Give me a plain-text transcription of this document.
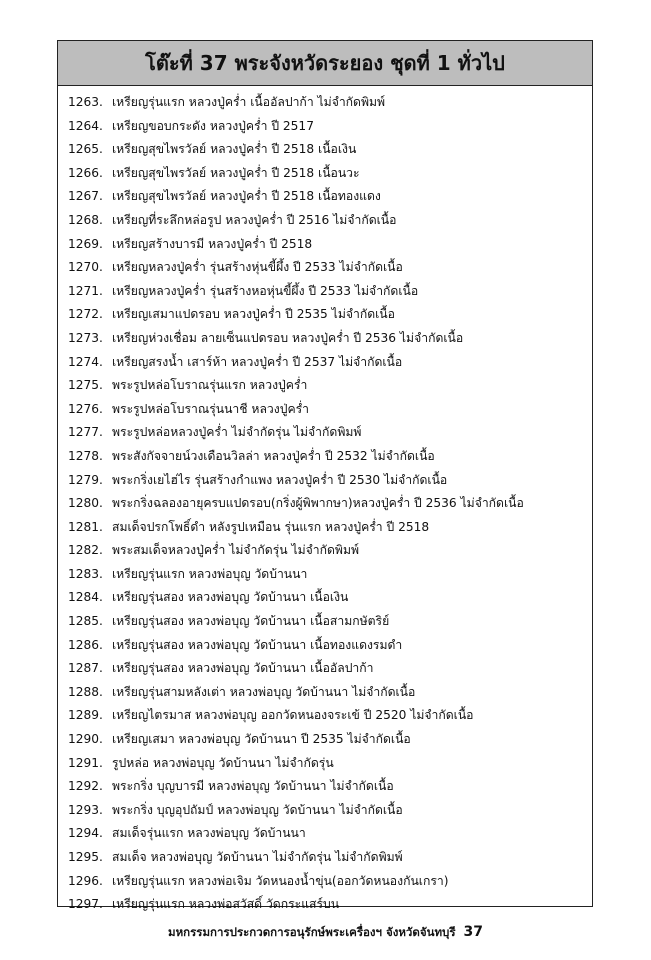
โต๊ะที่ 37 พระจังหวัดระยอง ชุดที่ 1 ทั่วไป
1263. เหรียญรุ่นแรก หลวงปู่คร่ำ เนื้ออัลปาก้า ไม่จำกัดพิมพ์
1264. เหรียญขอบกระดัง หลวงปู่คร่ำ ปี 2517
1265. เหรียญสุขไพรวัลย์ หลวงปู่คร่ำ ปี 2518 เนื้อเงิน
1266. เหรียญสุขไพรวัลย์ หลวงปู่คร่ำ ปี 2518 เนื้อนวะ
1267. เหรียญสุขไพรวัลย์ หลวงปู่คร่ำ ปี 2518 เนื้อทองแดง
1268. เหรียญที่ระลึกหล่อรูป หลวงปู่คร่ำ ปี 2516 ไม่จำกัดเนื้อ
1269. เหรียญสร้างบารมี หลวงปู่คร่ำ ปี 2518
1270. เหรียญหลวงปู่คร่ำ รุ่นสร้างหุ่นขี้ผึ้ง ปี 2533 ไม่จำกัดเนื้อ
1271. เหรียญหลวงปู่คร่ำ รุ่นสร้างหอหุ่นขี้ผึ้ง ปี 2533 ไม่จำกัดเนื้อ
1272. เหรียญเสมาแปดรอบ หลวงปู่คร่ำ ปี 2535 ไม่จำกัดเนื้อ
1273. เหรียญห่วงเชื่อม ลายเซ็นแปดรอบ หลวงปู่คร่ำ ปี 2536 ไม่จำกัดเนื้อ
1274. เหรียญสรงน้ำ เสาร์ห้า หลวงปู่คร่ำ ปี 2537 ไม่จำกัดเนื้อ
1275. พระรูปหล่อโบราณรุ่นแรก หลวงปู่คร่ำ
1276. พระรูปหล่อโบราณรุ่นนาชี หลวงปู่คร่ำ
1277. พระรูปหล่อหลวงปู่คร่ำ ไม่จำกัดรุ่น ไม่จำกัดพิมพ์
1278. พระสังกัจจายน์วงเดือนวิลล่า หลวงปู่คร่ำ ปี 2532 ไม่จำกัดเนื้อ
1279. พระกริ่งเยไฮ่ไร รุ่นสร้างกำแพง หลวงปู่คร่ำ ปี 2530 ไม่จำกัดเนื้อ
1280. พระกริ่งฉลองอายุครบแปดรอบ(กริ่งผู้พิพากษา)หลวงปู่คร่ำ ปี 2536 ไม่จำกัดเนื้อ
1281. สมเด็จปรกโพธิ์ดำ หลังรูปเหมือน รุ่นแรก หลวงปู่คร่ำ ปี 2518
1282. พระสมเด็จหลวงปู่คร่ำ ไม่จำกัดรุ่น ไม่จำกัดพิมพ์
1283. เหรียญรุ่นแรก หลวงพ่อบุญ วัดบ้านนา
1284. เหรียญรุ่นสอง หลวงพ่อบุญ วัดบ้านนา เนื้อเงิน
1285. เหรียญรุ่นสอง หลวงพ่อบุญ วัดบ้านนา เนื้อสามกษัตริย์
1286. เหรียญรุ่นสอง หลวงพ่อบุญ วัดบ้านนา เนื้อทองแดงรมดำ
1287. เหรียญรุ่นสอง หลวงพ่อบุญ วัดบ้านนา เนื้ออัลปาก้า
1288. เหรียญรุ่นสามหลังเต่า หลวงพ่อบุญ วัดบ้านนา ไม่จำกัดเนื้อ
1289. เหรียญไตรมาส หลวงพ่อบุญ ออกวัดหนองจระเข้ ปี 2520 ไม่จำกัดเนื้อ
1290. เหรียญเสมา หลวงพ่อบุญ วัดบ้านนา ปี 2535 ไม่จำกัดเนื้อ
1291. รูปหล่อ หลวงพ่อบุญ วัดบ้านนา ไม่จำกัดรุ่น
1292. พระกริ่ง บุญบารมี หลวงพ่อบุญ วัดบ้านนา ไม่จำกัดเนื้อ
1293. พระกริ่ง บุญอุปถัมป์ หลวงพ่อบุญ วัดบ้านนา ไม่จำกัดเนื้อ
1294. สมเด็จรุ่นแรก หลวงพ่อบุญ วัดบ้านนา
1295. สมเด็จ หลวงพ่อบุญ วัดบ้านนา ไม่จำกัดรุ่น ไม่จำกัดพิมพ์
1296. เหรียญรุ่นแรก หลวงพ่อเจิม วัดหนองน้ำขุ่น(ออกวัดหนองกันเกรา)
1297. เหรียญรุ่นแรก หลวงพ่อสวัสดิ์ วัดกระแสร์บน
มหกรรมการประกวดการอนุรักษ์พระเครื่องฯ จังหวัดจันทบุรี 37
